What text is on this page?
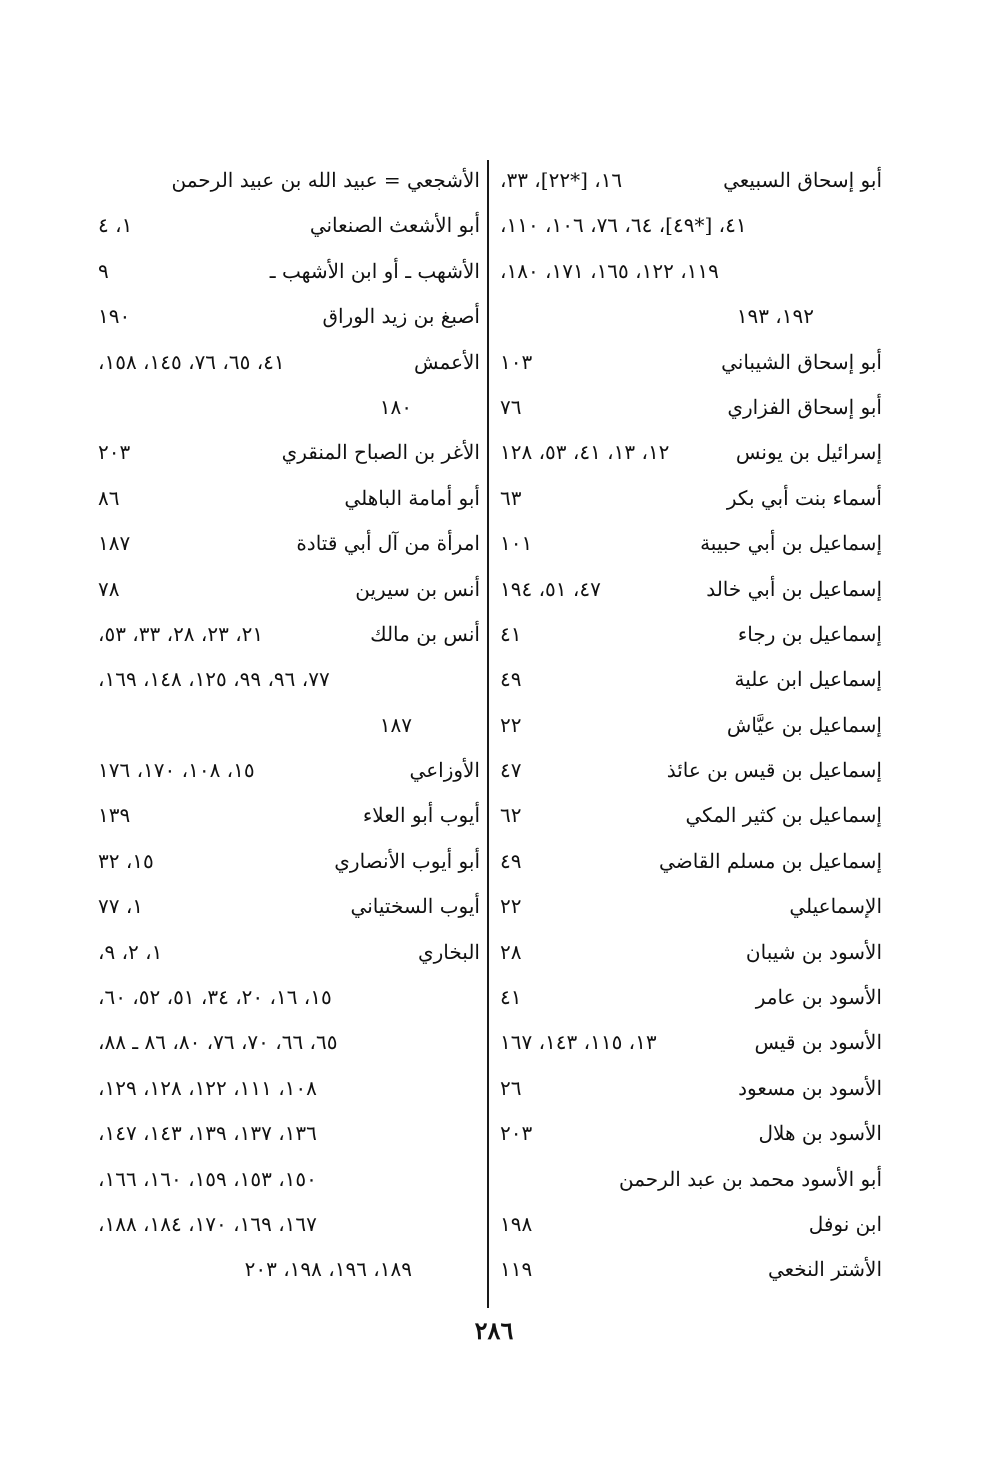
أبو إسحاق السبيعي
١٦، [*٢٢]، ٣٣،
٤١، [*٤٩]، ٦٤، ٧٦، ١٠٦، ١١٠،
١١٩، ١٢٢، ١٦٥، ١٧١، ١٨٠،
١٩٢، ١٩٣
أبو إسحاق الشيباني
١٠٣
أبو إسحاق الفزاري
٧٦
إسرائيل بن يونس
١٢، ١٣، ٤١، ٥٣، ١٢٨
أسماء بنت أبي بكر
٦٣
إسماعيل بن أبي حبيبة
١٠١
إسماعيل بن أبي خالد
٤٧، ٥١، ١٩٤
إسماعيل بن رجاء
٤١
إسماعيل ابن علية
٤٩
إسماعيل بن عيَّاش
٢٢
إسماعيل بن قيس بن عائذ
٤٧
إسماعيل بن كثير المكي
٦٢
إسماعيل بن مسلم القاضي
٤٩
الإسماعيلي
٢٢
الأسود بن شيبان
٢٨
الأسود بن عامر
٤١
الأسود بن قيس
١٣، ١١٥، ١٤٣، ١٦٧
الأسود بن مسعود
٢٦
الأسود بن هلال
٢٠٣
أبو الأسود محمد بن عبد الرحمن
ابن نوفل
١٩٨
الأشتر النخعي
١١٩
الأشجعي = عبيد الله بن عبيد الرحمن
أبو الأشعث الصنعاني
١، ٤
الأشهب ـ أو ابن الأشهب ـ
٩
أصبغ بن زيد الوراق
١٩٠
الأعمش
٤١، ٦٥، ٧٦، ١٤٥، ١٥٨،
١٨٠
الأغر بن الصباح المنقري
٢٠٣
أبو أمامة الباهلي
٨٦
امرأة من آل أبي قتادة
١٨٧
أنس بن سيرين
٧٨
أنس بن مالك
٢١، ٢٣، ٢٨، ٣٣، ٥٣،
٧٧، ٩٦، ٩٩، ١٢٥، ١٤٨، ١٦٩،
١٨٧
الأوزاعي
١٥، ١٠٨، ١٧٠، ١٧٦
أيوب أبو العلاء
١٣٩
أبو أيوب الأنصاري
١٥، ٣٢
أيوب السختياني
١، ٧٧
البخاري
١، ٢، ٩،
١٥، ١٦، ٢٠، ٣٤، ٥١، ٥٢، ٦٠،
٦٥، ٦٦، ٧٠، ٧٦، ٨٠، ٨٦ ـ ٨٨،
١٠٨، ١١١، ١٢٢، ١٢٨، ١٢٩،
١٣٦، ١٣٧، ١٣٩، ١٤٣، ١٤٧،
١٥٠، ١٥٣، ١٥٩، ١٦٠، ١٦٦،
١٦٧، ١٦٩، ١٧٠، ١٨٤، ١٨٨،
١٨٩، ١٩٦، ١٩٨، ٢٠٣
٢٨٦
